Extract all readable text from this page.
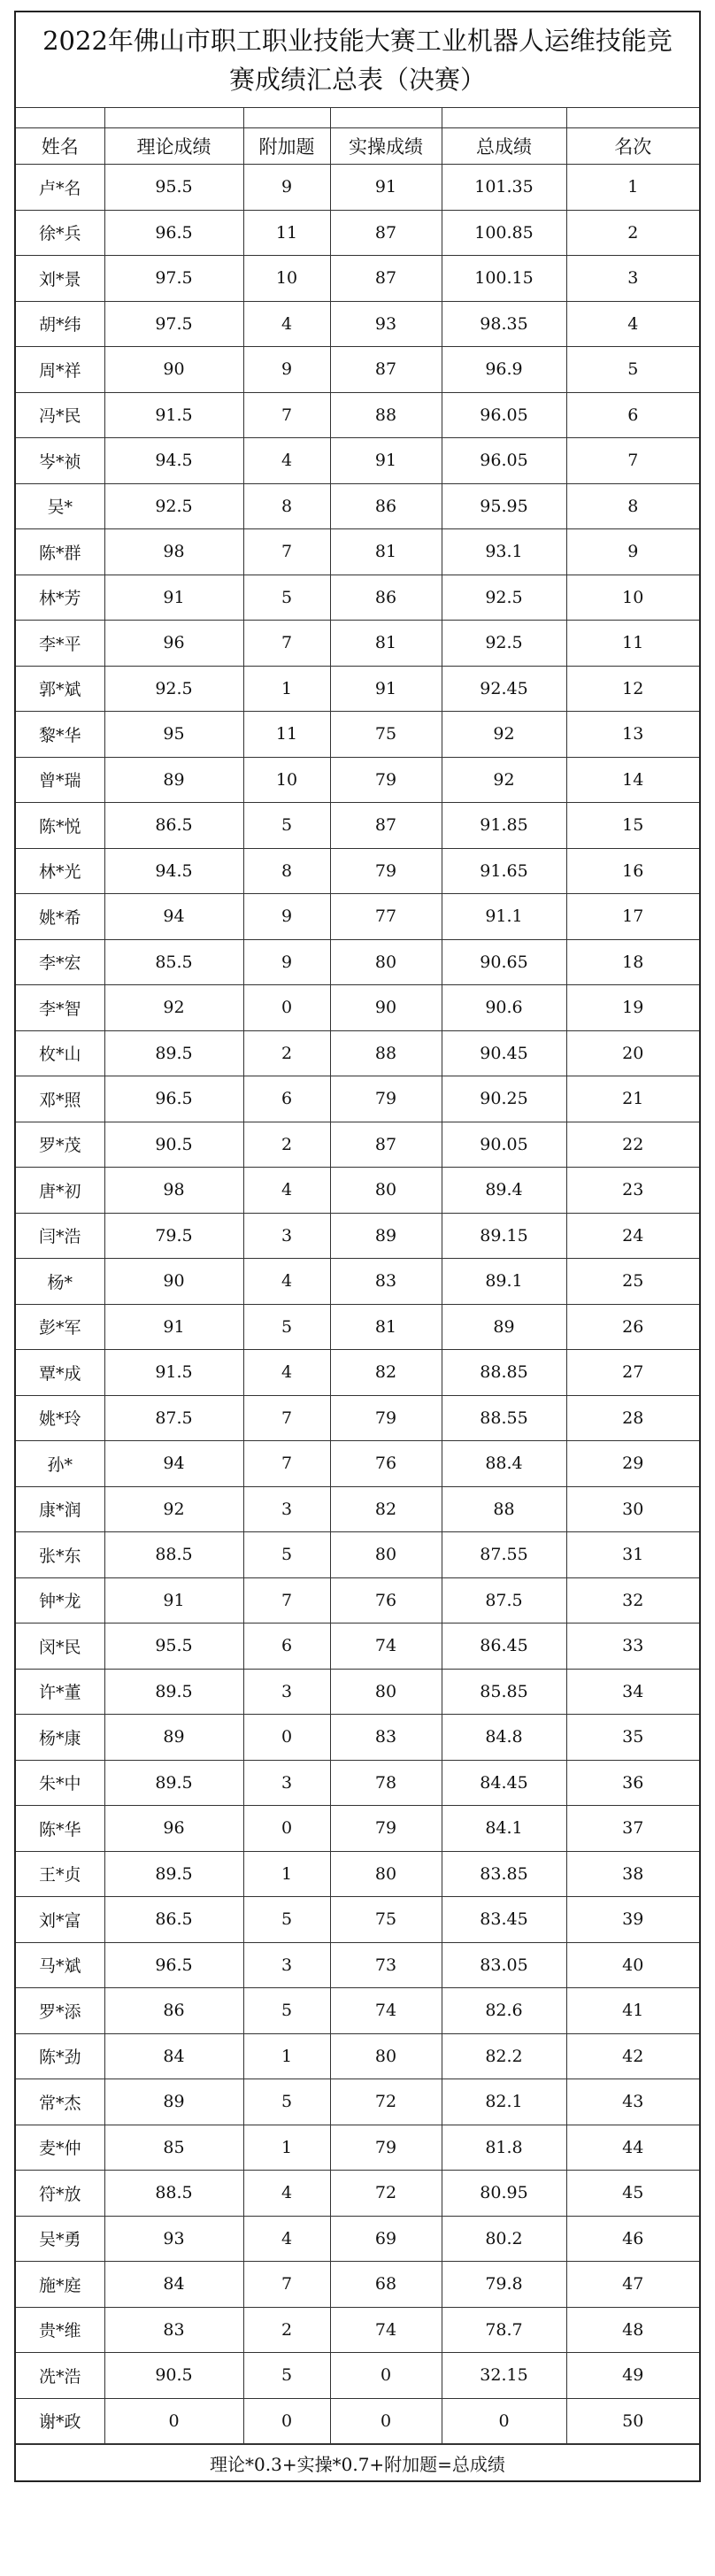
2022年佛山市职工职业技能大赛工业机器人运维技能竞
赛成绩汇总表（决赛）

姓名	理论成绩	附加题	实操成绩	总成绩	名次
卢*名	95.5	9	91	101.35	1
徐*兵	96.5	11	87	100.85	2
刘*景	97.5	10	87	100.15	3
胡*纬	97.5	4	93	98.35	4
周*祥	90	9	87	96.9	5
冯*民	91.5	7	88	96.05	6
岑*祯	94.5	4	91	96.05	7
吴*	92.5	8	86	95.95	8
陈*群	98	7	81	93.1	9
林*芳	91	5	86	92.5	10
李*平	96	7	81	92.5	11
郭*斌	92.5	1	91	92.45	12
黎*华	95	11	75	92	13
曾*瑞	89	10	79	92	14
陈*悦	86.5	5	87	91.85	15
林*光	94.5	8	79	91.65	16
姚*希	94	9	77	91.1	17
李*宏	85.5	9	80	90.65	18
李*智	92	0	90	90.6	19
枚*山	89.5	2	88	90.45	20
邓*照	96.5	6	79	90.25	21
罗*茂	90.5	2	87	90.05	22
唐*初	98	4	80	89.4	23
闫*浩	79.5	3	89	89.15	24
杨*	90	4	83	89.1	25
彭*军	91	5	81	89	26
覃*成	91.5	4	82	88.85	27
姚*玲	87.5	7	79	88.55	28
孙*	94	7	76	88.4	29
康*润	92	3	82	88	30
张*东	88.5	5	80	87.55	31
钟*龙	91	7	76	87.5	32
闵*民	95.5	6	74	86.45	33
许*董	89.5	3	80	85.85	34
杨*康	89	0	83	84.8	35
朱*中	89.5	3	78	84.45	36
陈*华	96	0	79	84.1	37
王*贞	89.5	1	80	83.85	38
刘*富	86.5	5	75	83.45	39
马*斌	96.5	3	73	83.05	40
罗*添	86	5	74	82.6	41
陈*劲	84	1	80	82.2	42
常*杰	89	5	72	82.1	43
麦*仲	85	1	79	81.8	44
符*放	88.5	4	72	80.95	45
吴*勇	93	4	69	80.2	46
施*庭	84	7	68	79.8	47
贵*维	83	2	74	78.7	48
冼*浩	90.5	5	0	32.15	49
谢*政	0	0	0	0	50
理论*0.3+实操*0.7+附加题=总成绩
